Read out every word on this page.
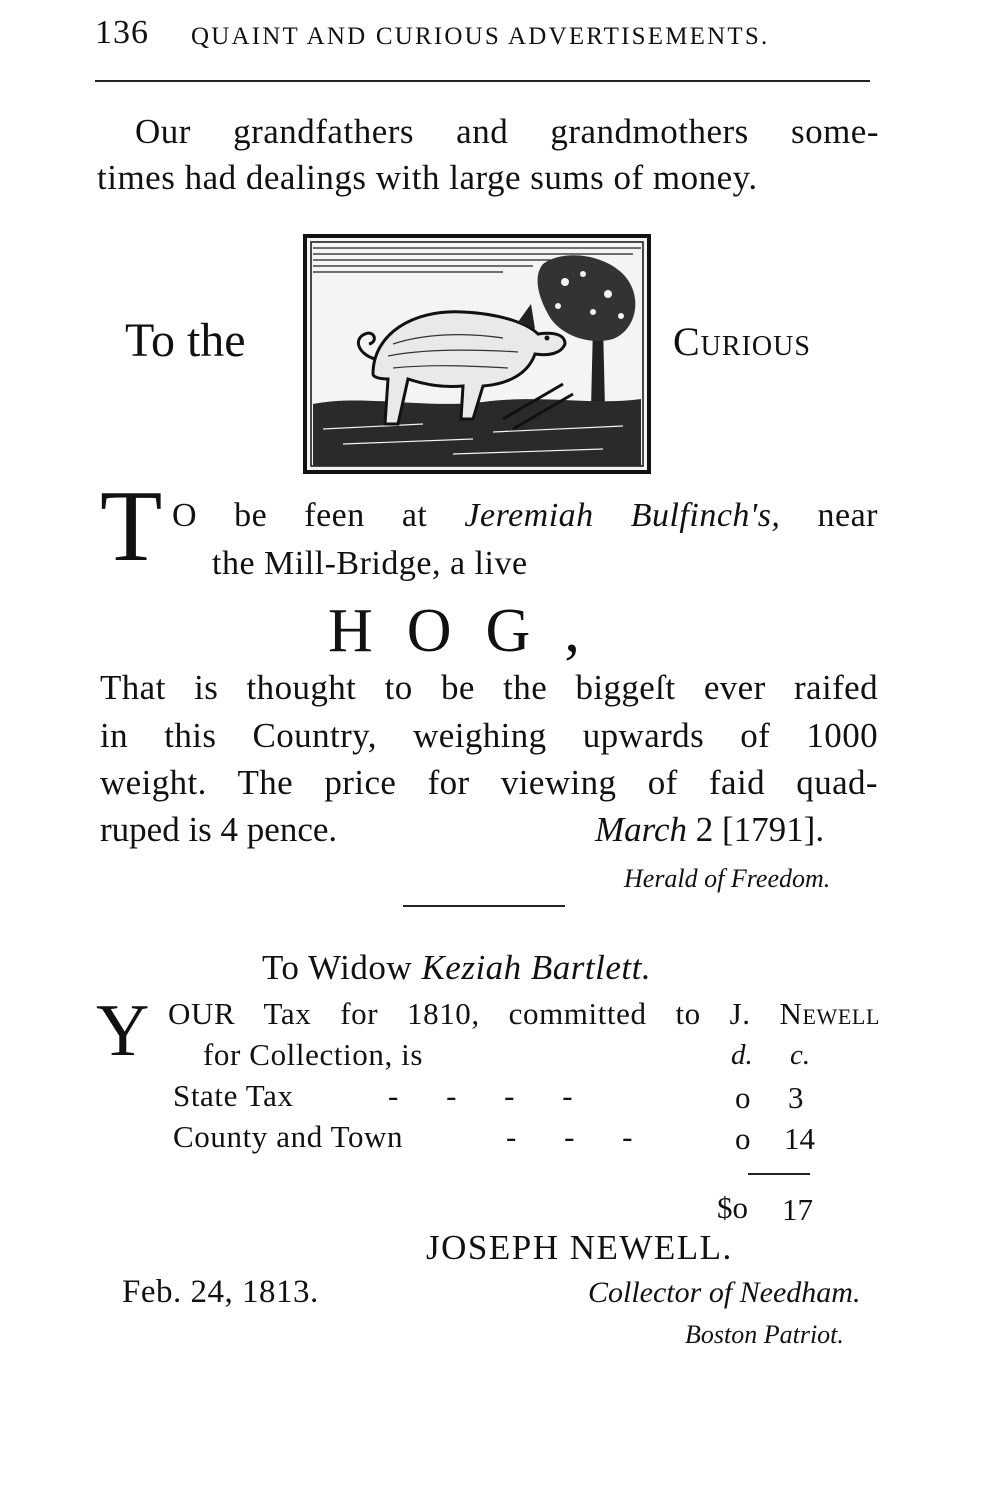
136 QUAINT AND CURIOUS ADVERTISEMENTS.
Our grandfathers and grandmothers some-
times had dealings with large sums of money.
To the	Curious
T O be feen at Jeremiah Bulfinch's, near
the Mill-Bridge, a live
HOG,
That is thought to be the biggeſt ever raifed
in this Country, weighing upwards of 1000
weight. The price for viewing of faid quad-
ruped is 4 pence.	March 2 [1791].
Herald of Freedom.
To Widow Keziah Bartlett.
Y OUR Tax for 1810, committed to J. Newell
for Collection, is	d. c.
State Tax	- - - -	o 3
County and Town	- - -	o 14
$o 17
JOSEPH NEWELL.
Feb. 24, 1813.	Collector of Needham.
Boston Patriot.
